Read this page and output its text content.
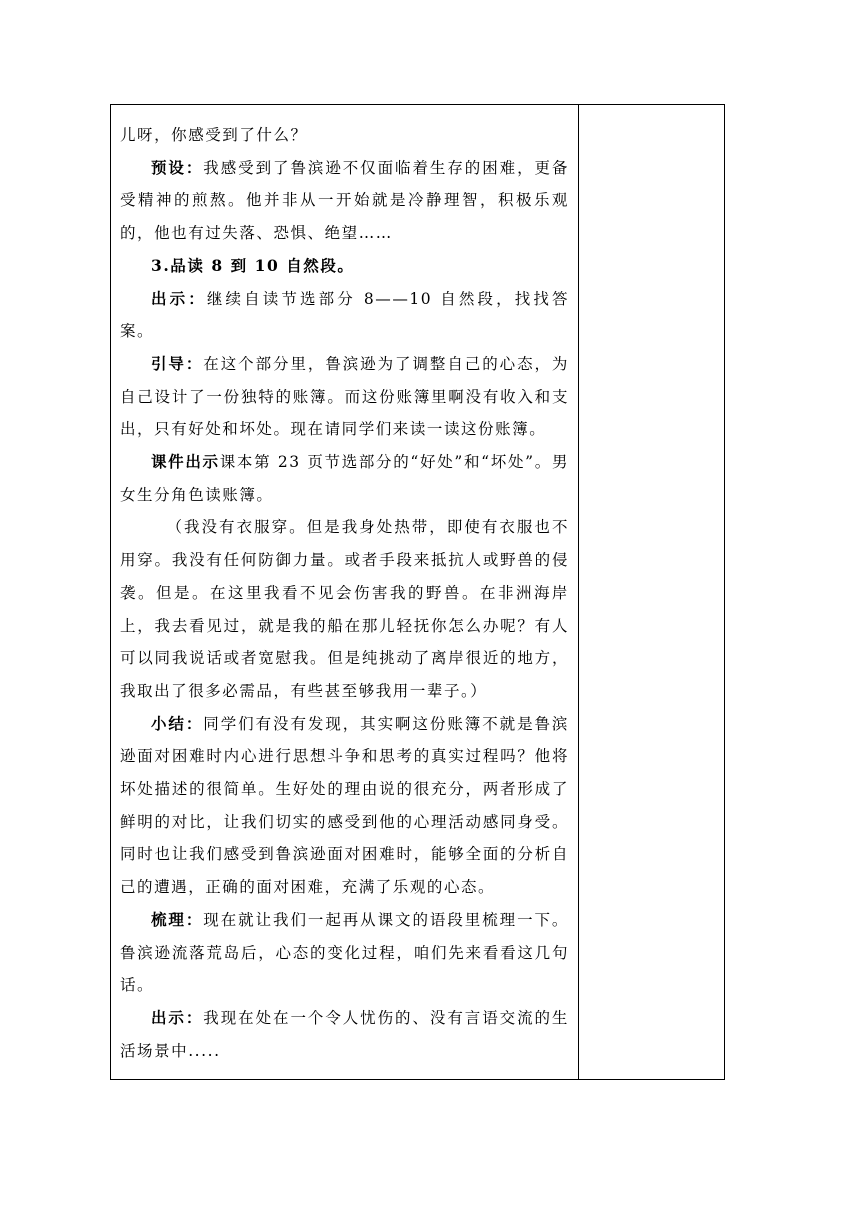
儿呀，你感受到了什么？

预设：我感受到了鲁滨逊不仅面临着生存的困难，更备受精神的煎熬。他并非从一开始就是冷静理智，积极乐观的，他也有过失落、恐惧、绝望……

3.品读 8 到 10 自然段。

出示：继续自读节选部分 8——10 自然段，找找答案。

引导：在这个部分里，鲁滨逊为了调整自己的心态，为自己设计了一份独特的账簿。而这份账簿里啊没有收入和支出，只有好处和坏处。现在请同学们来读一读这份账簿。

课件出示课本第 23 页节选部分的“好处”和“坏处”。男女生分角色读账簿。

（我没有衣服穿。但是我身处热带，即使有衣服也不用穿。我没有任何防御力量。或者手段来抵抗人或野兽的侵袭。但是。在这里我看不见会伤害我的野兽。在非洲海岸上，我去看见过，就是我的船在那儿轻抚你怎么办呢？有人可以同我说话或者宽慰我。但是纯挑动了离岸很近的地方，我取出了很多必需品，有些甚至够我用一辈子。）

小结：同学们有没有发现，其实啊这份账簿不就是鲁滨逊面对困难时内心进行思想斗争和思考的真实过程吗？他将坏处描述的很简单。生好处的理由说的很充分，两者形成了鲜明的对比，让我们切实的感受到他的心理活动感同身受。同时也让我们感受到鲁滨逊面对困难时，能够全面的分析自己的遭遇，正确的面对困难，充满了乐观的心态。

梳理：现在就让我们一起再从课文的语段里梳理一下。鲁滨逊流落荒岛后，心态的变化过程，咱们先来看看这几句话。

出示：我现在处在一个令人忧伤的、没有言语交流的生活场景中.....
